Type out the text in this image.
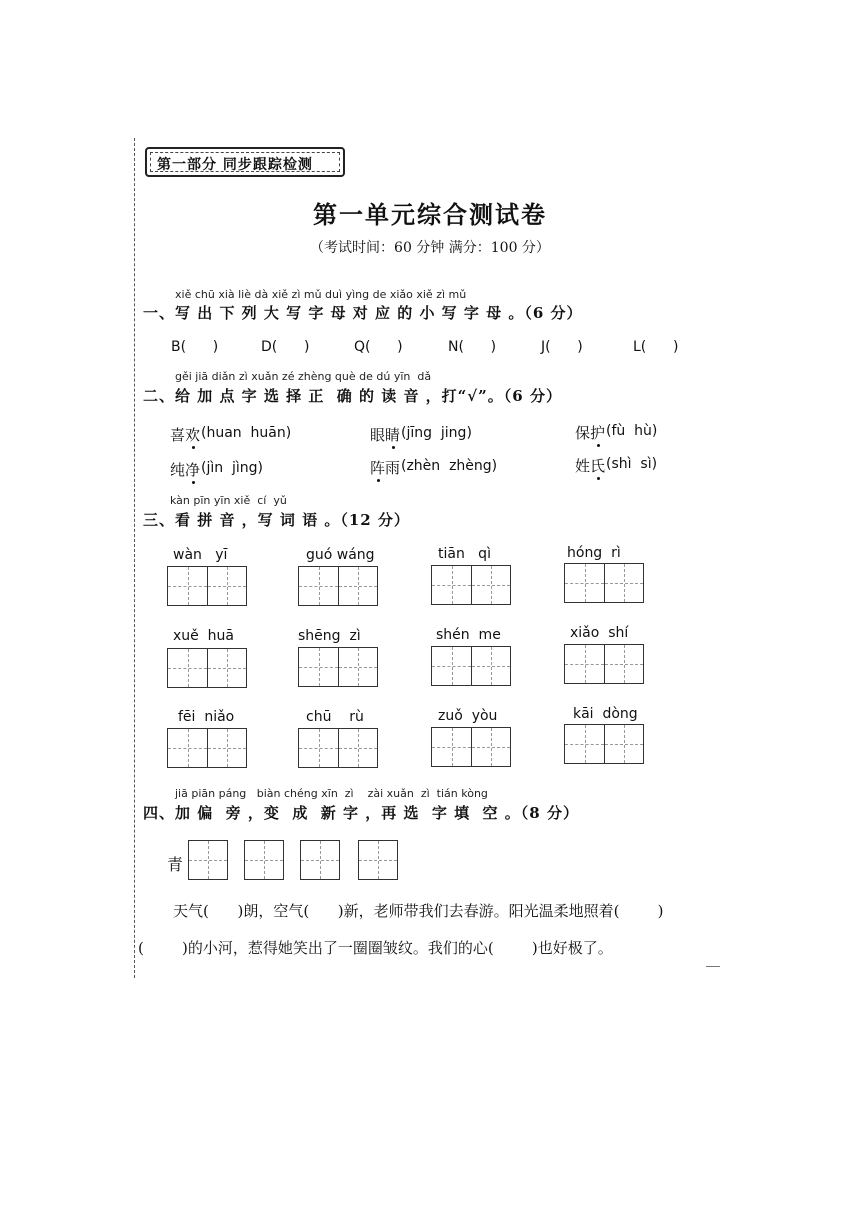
第一部分 同步跟踪检测
第一单元综合测试卷
（考试时间：60 分钟 满分：100 分）
xiě chū xià liè dà xiě zì mǔ duì yìng de xiǎo xiě zì mǔ
一、写 出 下 列 大 写 字 母 对 应 的 小 写 字 母 。（6 分）
B(      )	D(      )	Q(      )	N(      )	J(      )	L(      )
gěi jiā diǎn zì xuǎn zé zhèng què de dú yīn  dǎ
二、给 加 点 字 选 择 正  确 的 读 音 ，打“√”。（6 分）
喜欢 (huan  huān)	眼睛 (jīng  jing)	保护 (fù  hù)
纯净 (jìn  jìng)	阵雨 (zhèn  zhèng)	姓氏 (shì  sì)
kàn pīn yīn xiě  cí  yǔ
三、看 拼 音 ，写 词 语 。（12 分）
wàn   yī	guó wáng	tiān   qì	hóng  rì
xuě  huā	shēng  zì	shén  me	xiǎo  shí
fēi  niǎo	chū    rù	zuǒ  yòu	kāi  dòng
jiā piān páng   biàn chéng xīn  zì    zài xuǎn  zì  tián kòng
四、加 偏  旁 ，变  成  新 字 ，再 选  字 填  空 。（8 分）
青
天气(      )朗，空气(      )新，老师带我们去春游。阳光温柔地照着(        )
(        )的小河，惹得她笑出了一圈圈皱纹。我们的心(        )也好极了。
